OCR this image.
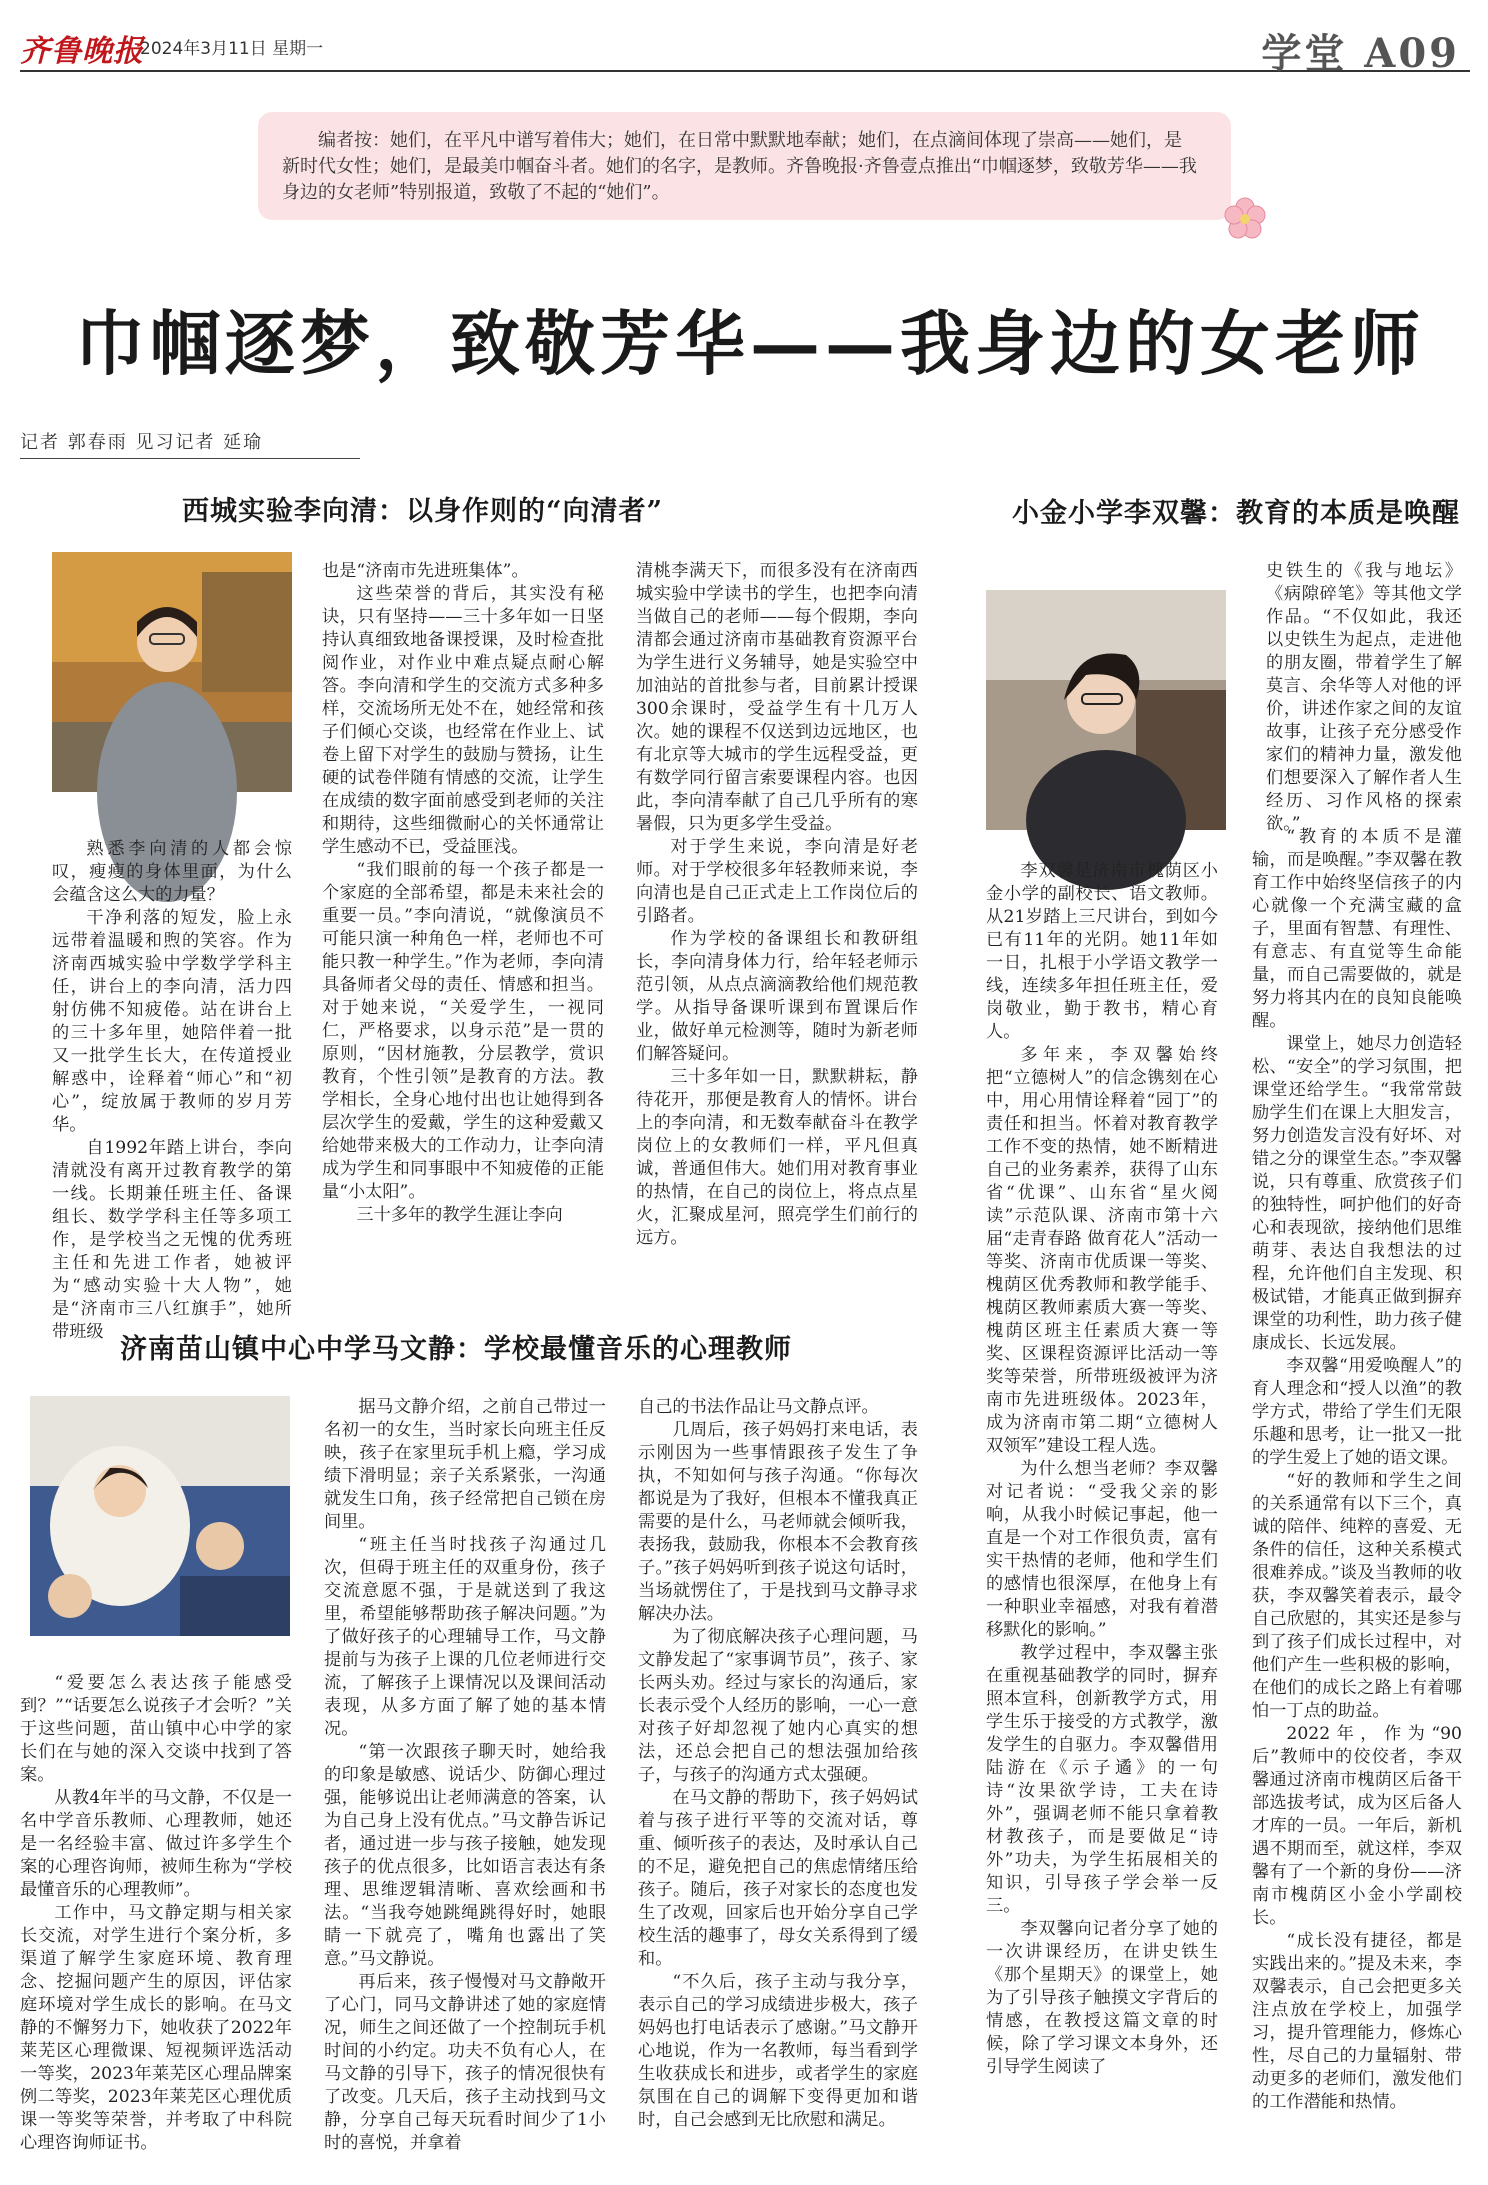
齐鲁晚报
2024年3月11日 星期一	学堂 A09
编者按：她们，在平凡中谱写着伟大；她们，在日常中默默地奉献；她们，在点滴间体现了崇高——她们，是新时代女性；她们，是最美巾帼奋斗者。她们的名字，是教师。齐鲁晚报·齐鲁壹点推出“巾帼逐梦，致敬芳华——我身边的女老师”特别报道，致敬了不起的“她们”。
巾帼逐梦，致敬芳华——我身边的女老师
记者 郭春雨 见习记者 延瑜
西城实验李向清：以身作则的“向清者”

熟悉李向清的人都会惊叹，瘦瘦的身体里面，为什么会蕴含这么大的力量？

干净利落的短发，脸上永远带着温暖和煦的笑容。作为济南西城实验中学数学学科主任，讲台上的李向清，活力四射仿佛不知疲倦。站在讲台上的三十多年里，她陪伴着一批又一批学生长大，在传道授业解惑中，诠释着“师心”和“初心”，绽放属于教师的岁月芳华。

自1992年踏上讲台，李向清就没有离开过教育教学的第一线。长期兼任班主任、备课组长、数学学科主任等多项工作，是学校当之无愧的优秀班主任和先进工作者，她被评为“感动实验十大人物”，她是“济南市三八红旗手”，她所带班级

也是“济南市先进班集体”。

这些荣誉的背后，其实没有秘诀，只有坚持——三十多年如一日坚持认真细致地备课授课，及时检查批阅作业，对作业中难点疑点耐心解答。李向清和学生的交流方式多种多样，交流场所无处不在，她经常和孩子们倾心交谈，也经常在作业上、试卷上留下对学生的鼓励与赞扬，让生硬的试卷伴随有情感的交流，让学生在成绩的数字面前感受到老师的关注和期待，这些细微耐心的关怀通常让学生感动不已，受益匪浅。

“我们眼前的每一个孩子都是一个家庭的全部希望，都是未来社会的重要一员。”李向清说，“就像演员不可能只演一种角色一样，老师也不可能只教一种学生。”作为老师，李向清具备师者父母的责任、情感和担当。对于她来说，“关爱学生，一视同仁，严格要求，以身示范”是一贯的原则，“因材施教，分层教学，赏识教育，个性引领”是教育的方法。教学相长，全身心地付出也让她得到各层次学生的爱戴，学生的这种爱戴又给她带来极大的工作动力，让李向清成为学生和同事眼中不知疲倦的正能量“小太阳”。

三十多年的教学生涯让李向

清桃李满天下，而很多没有在济南西城实验中学读书的学生，也把李向清当做自己的老师——每个假期，李向清都会通过济南市基础教育资源平台为学生进行义务辅导，她是实验空中加油站的首批参与者，目前累计授课300余课时，受益学生有十几万人次。她的课程不仅送到边远地区，也有北京等大城市的学生远程受益，更有数学同行留言索要课程内容。也因此，李向清奉献了自己几乎所有的寒暑假，只为更多学生受益。

对于学生来说，李向清是好老师。对于学校很多年轻教师来说，李向清也是自己正式走上工作岗位后的引路者。

作为学校的备课组长和教研组长，李向清身体力行，给年轻老师示范引领，从点点滴滴教给他们规范教学。从指导备课听课到布置课后作业，做好单元检测等，随时为新老师们解答疑问。

三十多年如一日，默默耕耘，静待花开，那便是教育人的情怀。讲台上的李向清，和无数奉献奋斗在教学岗位上的女教师们一样，平凡但真诚，普通但伟大。她们用对教育事业的热情，在自己的岗位上，将点点星火，汇聚成星河，照亮学生们前行的远方。

小金小学李双馨：教育的本质是唤醒

史铁生的《我与地坛》《病隙碎笔》等其他文学作品。“不仅如此，我还以史铁生为起点，走进他的朋友圈，带着学生了解莫言、余华等人对他的评价，讲述作家之间的友谊故事，让孩子充分感受作家们的精神力量，激发他们想要深入了解作者人生经历、习作风格的探索欲。”

李双馨是济南市槐荫区小金小学的副校长、语文教师。从21岁踏上三尺讲台，到如今已有11年的光阴。她11年如一日，扎根于小学语文教学一线，连续多年担任班主任，爱岗敬业，勤于教书，精心育人。

多年来，李双馨始终把“立德树人”的信念镌刻在心中，用心用情诠释着“园丁”的责任和担当。怀着对教育教学工作不变的热情，她不断精进自己的业务素养，获得了山东省“优课”、山东省“星火阅读”示范队课、济南市第十六届“走青春路 做育花人”活动一等奖、济南市优质课一等奖、槐荫区优秀教师和教学能手、槐荫区教师素质大赛一等奖、槐荫区班主任素质大赛一等奖、区课程资源评比活动一等奖等荣誉，所带班级被评为济南市先进班级体。2023年，成为济南市第二期“立德树人双领军”建设工程人选。

为什么想当老师？李双馨对记者说：“受我父亲的影响，从我小时候记事起，他一直是一个对工作很负责，富有实干热情的老师，他和学生们的感情也很深厚，在他身上有一种职业幸福感，对我有着潜移默化的影响。”

教学过程中，李双馨主张在重视基础教学的同时，摒弃照本宣科，创新教学方式，用学生乐于接受的方式教学，激发学生的自驱力。李双馨借用陆游在《示子遹》的一句诗“汝果欲学诗，工夫在诗外”，强调老师不能只拿着教材教孩子，而是要做足“诗外”功夫，为学生拓展相关的知识，引导孩子学会举一反三。

李双馨向记者分享了她的一次讲课经历，在讲史铁生《那个星期天》的课堂上，她为了引导孩子触摸文字背后的情感，在教授这篇文章的时候，除了学习课文本身外，还引导学生阅读了

“教育的本质不是灌输，而是唤醒。”李双馨在教育工作中始终坚信孩子的内心就像一个充满宝藏的盒子，里面有智慧、有理性、有意志、有直觉等生命能量，而自己需要做的，就是努力将其内在的良知良能唤醒。

课堂上，她尽力创造轻松、“安全”的学习氛围，把课堂还给学生。“我常常鼓励学生们在课上大胆发言，努力创造发言没有好坏、对错之分的课堂生态。”李双馨说，只有尊重、欣赏孩子们的独特性，呵护他们的好奇心和表现欲，接纳他们思维萌芽、表达自我想法的过程，允许他们自主发现、积极试错，才能真正做到摒弃课堂的功利性，助力孩子健康成长、长远发展。

李双馨“用爱唤醒人”的育人理念和“授人以渔”的教学方式，带给了学生们无限乐趣和思考，让一批又一批的学生爱上了她的语文课。

“好的教师和学生之间的关系通常有以下三个，真诚的陪伴、纯粹的喜爱、无条件的信任，这种关系模式很难养成。”谈及当教师的收获，李双馨笑着表示，最令自己欣慰的，其实还是参与到了孩子们成长过程中，对他们产生一些积极的影响，在他们的成长之路上有着哪怕一丁点的助益。

2022年，作为“90后”教师中的佼佼者，李双馨通过济南市槐荫区后备干部选拔考试，成为区后备人才库的一员。一年后，新机遇不期而至，就这样，李双馨有了一个新的身份——济南市槐荫区小金小学副校长。

“成长没有捷径，都是实践出来的。”提及未来，李双馨表示，自己会把更多关注点放在学校上，加强学习，提升管理能力，修炼心性，尽自己的力量辐射、带动更多的老师们，激发他们的工作潜能和热情。

济南苗山镇中心中学马文静：学校最懂音乐的心理教师

“爱要怎么表达孩子能感受到？”“话要怎么说孩子才会听？”关于这些问题，苗山镇中心中学的家长们在与她的深入交谈中找到了答案。

从教4年半的马文静，不仅是一名中学音乐教师、心理教师，她还是一名经验丰富、做过许多学生个案的心理咨询师，被师生称为“学校最懂音乐的心理教师”。

工作中，马文静定期与相关家长交流，对学生进行个案分析，多渠道了解学生家庭环境、教育理念、挖掘问题产生的原因，评估家庭环境对学生成长的影响。在马文静的不懈努力下，她收获了2022年莱芜区心理微课、短视频评选活动一等奖，2023年莱芜区心理品牌案例二等奖，2023年莱芜区心理优质课一等奖等荣誉，并考取了中科院心理咨询师证书。

据马文静介绍，之前自己带过一名初一的女生，当时家长向班主任反映，孩子在家里玩手机上瘾，学习成绩下滑明显；亲子关系紧张，一沟通就发生口角，孩子经常把自己锁在房间里。

“班主任当时找孩子沟通过几次，但碍于班主任的双重身份，孩子交流意愿不强，于是就送到了我这里，希望能够帮助孩子解决问题。”为了做好孩子的心理辅导工作，马文静提前与为孩子上课的几位老师进行交流，了解孩子上课情况以及课间活动表现，从多方面了解了她的基本情况。

“第一次跟孩子聊天时，她给我的印象是敏感、说话少、防御心理过强，能够说出让老师满意的答案，认为自己身上没有优点。”马文静告诉记者，通过进一步与孩子接触，她发现孩子的优点很多，比如语言表达有条理、思维逻辑清晰、喜欢绘画和书法。“当我夸她跳绳跳得好时，她眼睛一下就亮了，嘴角也露出了笑意。”马文静说。

再后来，孩子慢慢对马文静敞开了心门，同马文静讲述了她的家庭情况，师生之间还做了一个控制玩手机时间的小约定。功夫不负有心人，在马文静的引导下，孩子的情况很快有了改变。几天后，孩子主动找到马文静，分享自己每天玩看时间少了1小时的喜悦，并拿着

自己的书法作品让马文静点评。

几周后，孩子妈妈打来电话，表示刚因为一些事情跟孩子发生了争执，不知如何与孩子沟通。“你每次都说是为了我好，但根本不懂我真正需要的是什么，马老师就会倾听我，表扬我，鼓励我，你根本不会教育孩子。”孩子妈妈听到孩子说这句话时，当场就愣住了，于是找到马文静寻求解决办法。

为了彻底解决孩子心理问题，马文静发起了“家事调节员”，孩子、家长两头劝。经过与家长的沟通后，家长表示受个人经历的影响，一心一意对孩子好却忽视了她内心真实的想法，还总会把自己的想法强加给孩子，与孩子的沟通方式太强硬。

在马文静的帮助下，孩子妈妈试着与孩子进行平等的交流对话，尊重、倾听孩子的表达，及时承认自己的不足，避免把自己的焦虑情绪压给孩子。随后，孩子对家长的态度也发生了改观，回家后也开始分享自己学校生活的趣事了，母女关系得到了缓和。

“不久后，孩子主动与我分享，表示自己的学习成绩进步极大，孩子妈妈也打电话表示了感谢。”马文静开心地说，作为一名教师，每当看到学生收获成长和进步，或者学生的家庭氛围在自己的调解下变得更加和谐时，自己会感到无比欣慰和满足。
